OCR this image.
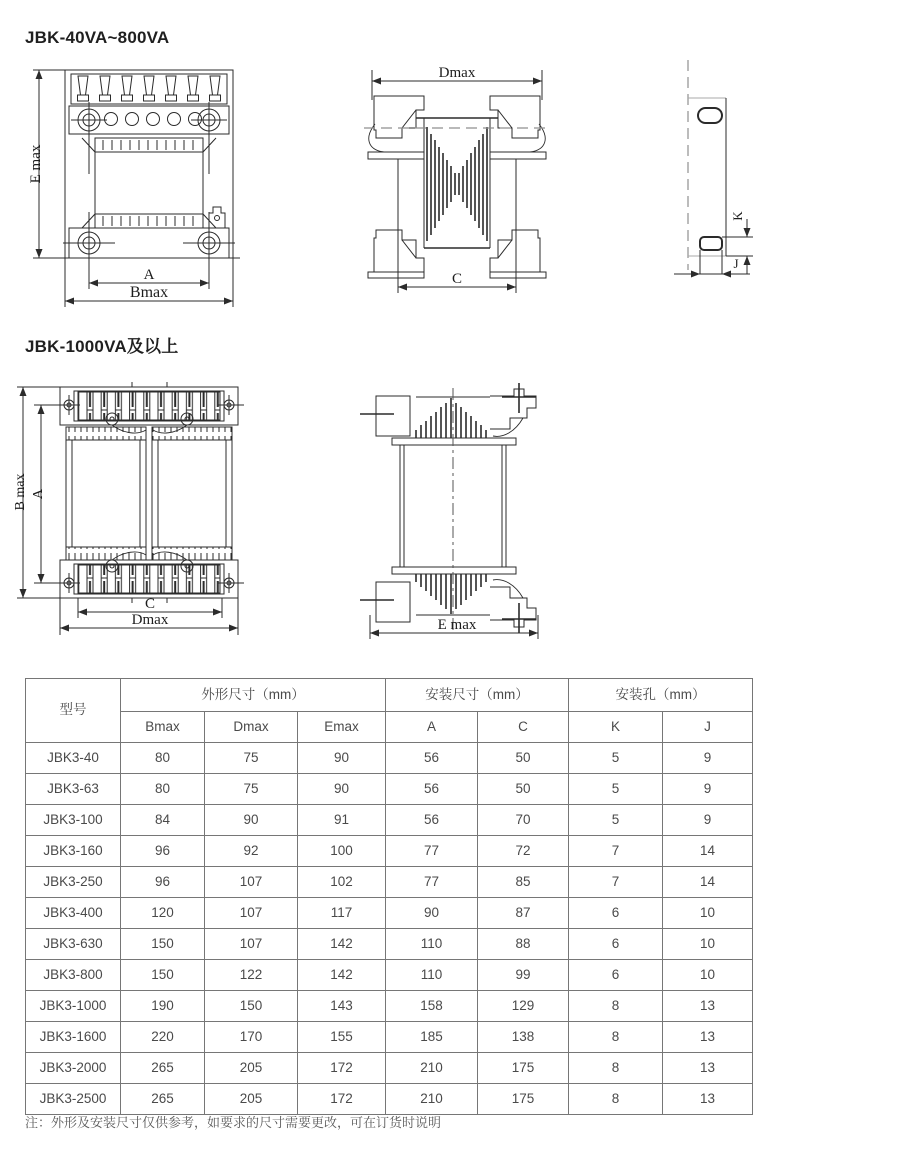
JBK-40VA~800VA
E max
A
Bmax
Dmax
C
K
J
JBK-1000VA及以上
B max A
C
Dmax	E max
型号	外形尺寸（mm）			安装尺寸（mm）		安装孔（mm）	
	Bmax	Dmax	Emax	A	C	K	J
JBK3-40	80	75	90	56	50	5	9
JBK3-63	80	75	90	56	50	5	9
JBK3-100	84	90	91	56	70	5	9
JBK3-160	96	92	100	77	72	7	14
JBK3-250	96	107	102	77	85	7	14
JBK3-400	120	107	117	90	87	6	10
JBK3-630	150	107	142	110	88	6	10
JBK3-800	150	122	142	110	99	6	10
JBK3-1000	190	150	143	158	129	8	13
JBK3-1600	220	170	155	185	138	8	13
JBK3-2000	265	205	172	210	175	8	13
JBK3-2500	265	205	172	210	175	8	13

注：外形及安装尺寸仅供参考，如要求的尺寸需要更改，可在订货时说明
